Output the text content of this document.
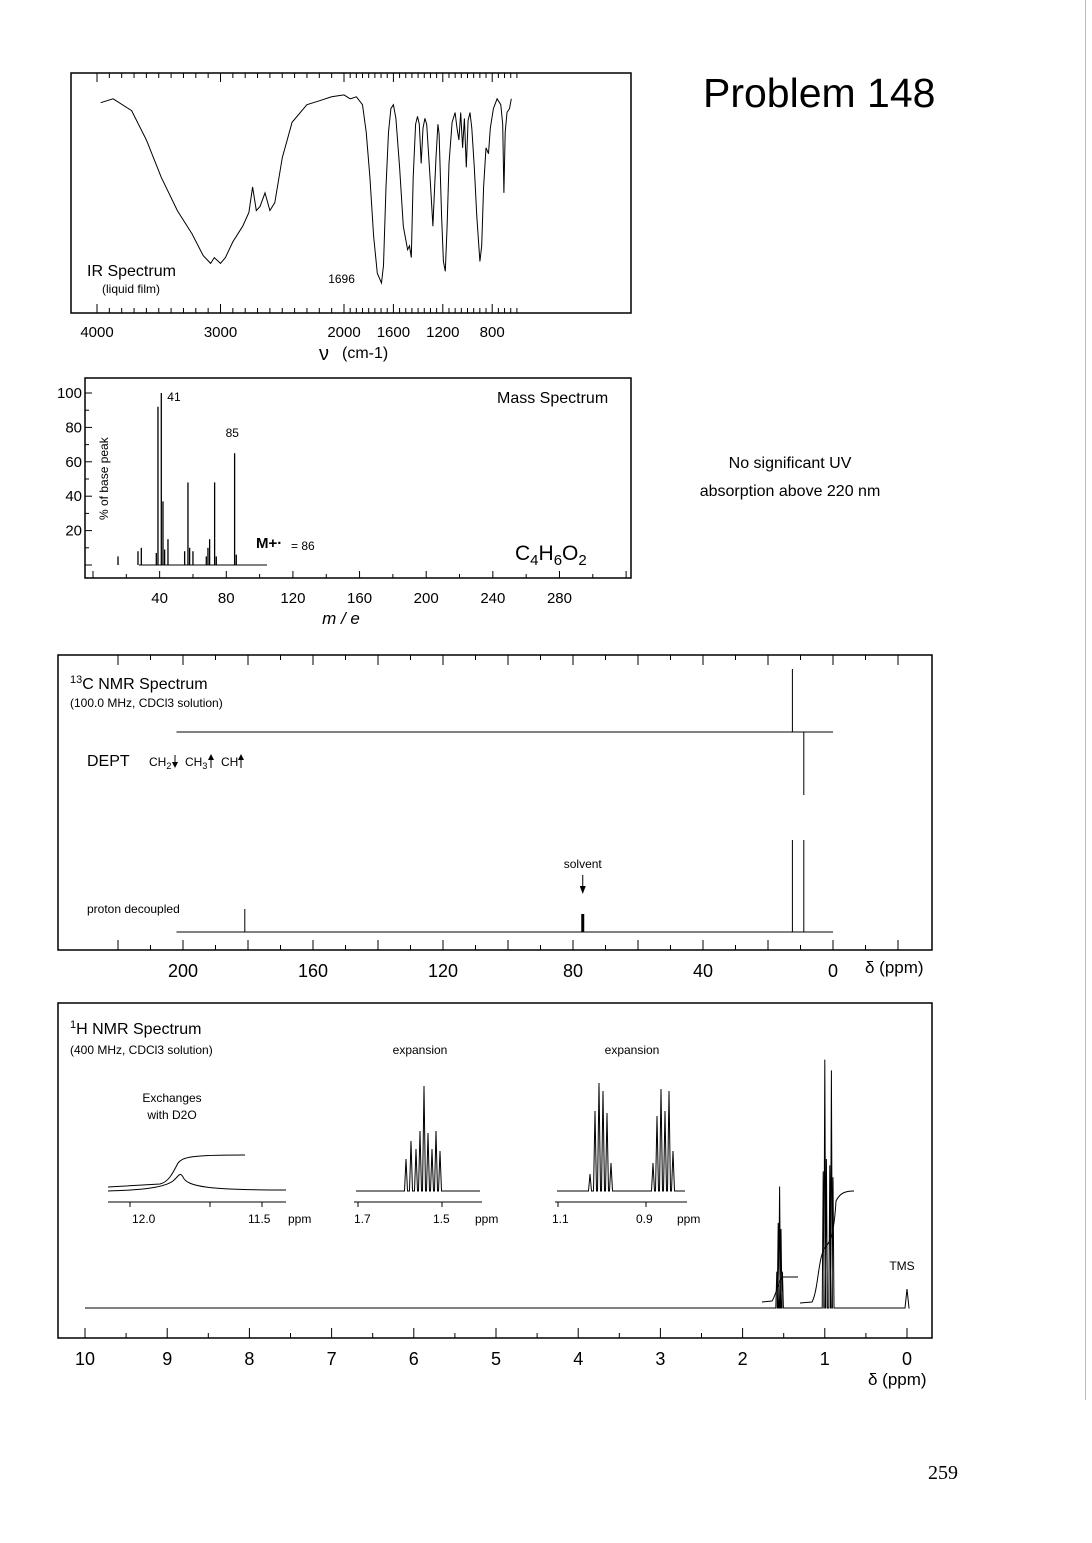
Problem 148
No significant UV
absorption above 220 nm
259
IR Spectrum
(liquid film)
1696
4000	3000	2000 1600 1200 800
ν (cm-1)
100
80
60
40
20
% of base peak
Mass Spectrum
41
85
M+· = 86	$C_4H_6O_2$
40	80	120	160	200	240	280
m / e
$^{13}$C NMR Spectrum
(100.0 MHz, CDCl3 solution)
DEPT $CH_2$ $CH_3$ CH
solvent
proton decoupled
200	160	120	80	40	0 δ (ppm)
$^1$H NMR Spectrum
(400 MHz, CDCl3 solution)
Exchanges
with D2O
12.0	11.5 ppm
expansion
1.7	1.5 ppm
expansion
1.1	0.9 ppm
TMS
10	9	8	7	6	5	4	3	2	1	0
δ (ppm)
